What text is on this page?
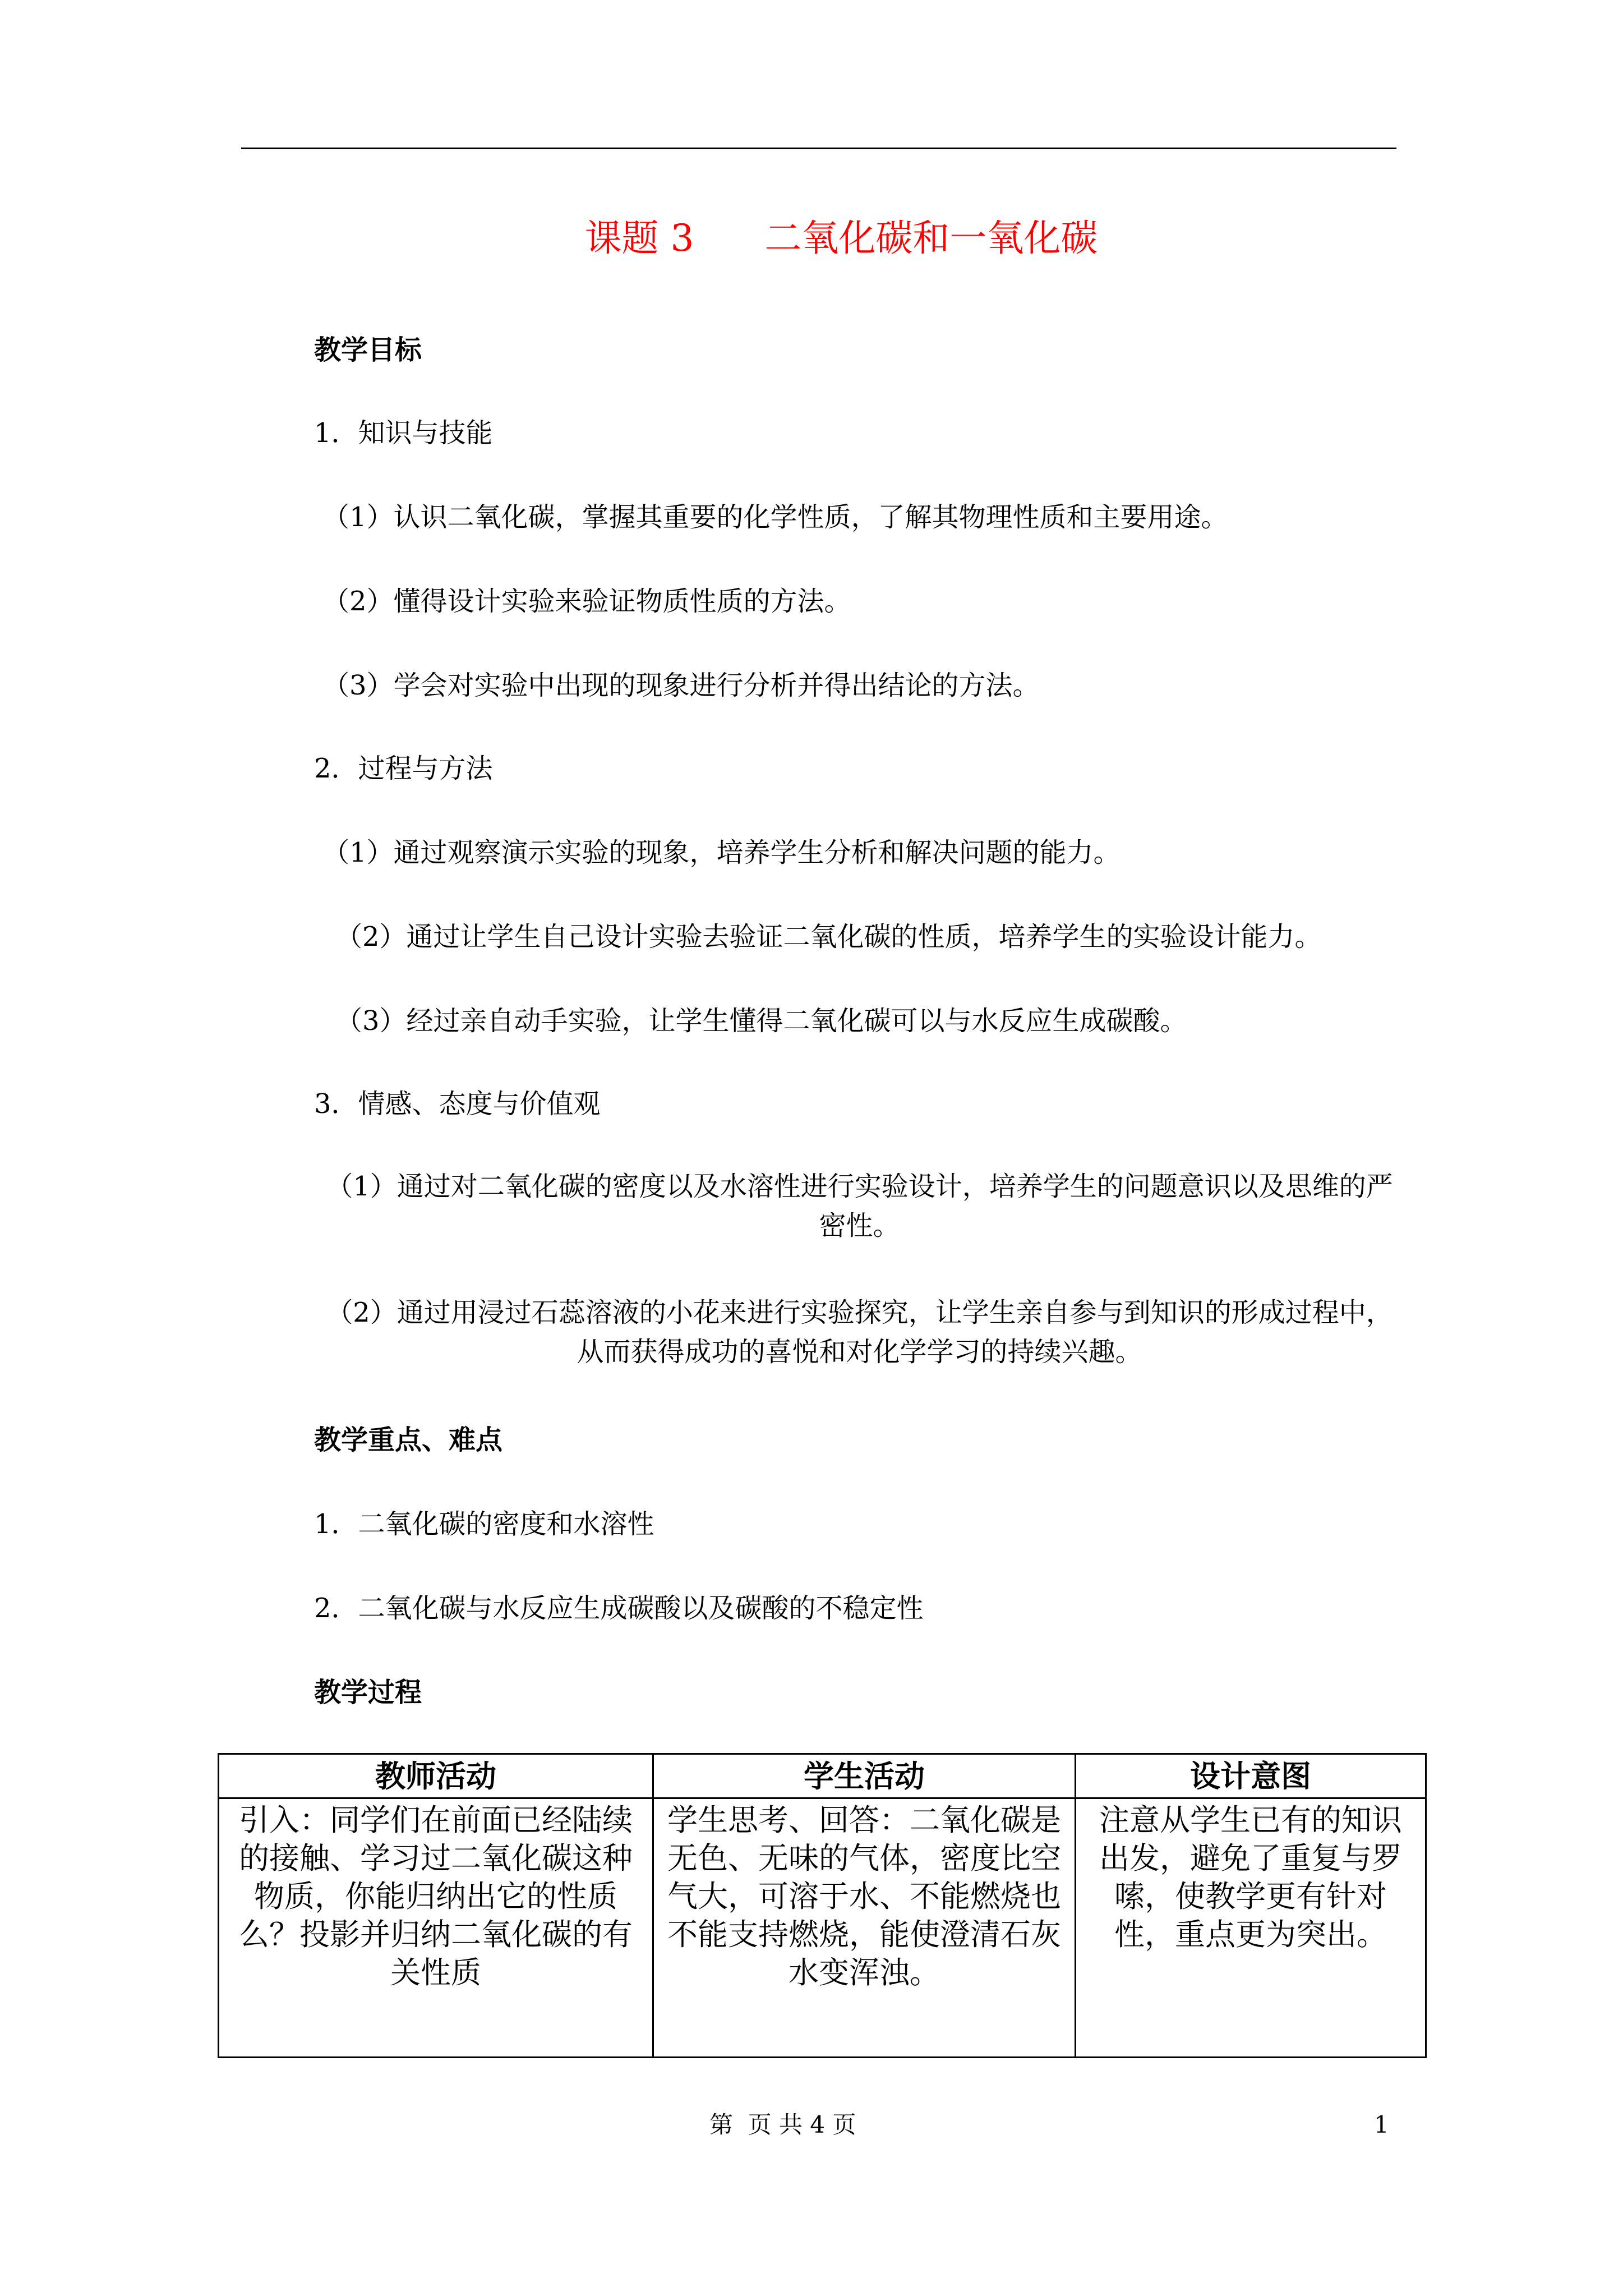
课题 3      二氧化碳和一氧化碳
教学目标
1．知识与技能
（1）认识二氧化碳，掌握其重要的化学性质，了解其物理性质和主要用途。
（2）懂得设计实验来验证物质性质的方法。
（3）学会对实验中出现的现象进行分析并得出结论的方法。
2．过程与方法
（1）通过观察演示实验的现象，培养学生分析和解决问题的能力。
（2）通过让学生自己设计实验去验证二氧化碳的性质，培养学生的实验设计能力。
（3）经过亲自动手实验，让学生懂得二氧化碳可以与水反应生成碳酸。
3．情感、态度与价值观
（1）通过对二氧化碳的密度以及水溶性进行实验设计，培养学生的问题意识以及思维的严密性。
（2）通过用浸过石蕊溶液的小花来进行实验探究，让学生亲自参与到知识的形成过程中，从而获得成功的喜悦和对化学学习的持续兴趣。
教学重点、难点
1．二氧化碳的密度和水溶性
2．二氧化碳与水反应生成碳酸以及碳酸的不稳定性
教学过程
教师活动	学生活动	设计意图
引入：同学们在前面已经陆续的接触、学习过二氧化碳这种物质，你能归纳出它的性质么？投影并归纳二氧化碳的有关性质	学生思考、回答：二氧化碳是无色、无味的气体，密度比空气大，可溶于水、不能燃烧也不能支持燃烧，能使澄清石灰水变浑浊。	注意从学生已有的知识出发，避免了重复与罗嗦，使教学更有针对性，重点更为突出。
第  页 共 4 页	1
